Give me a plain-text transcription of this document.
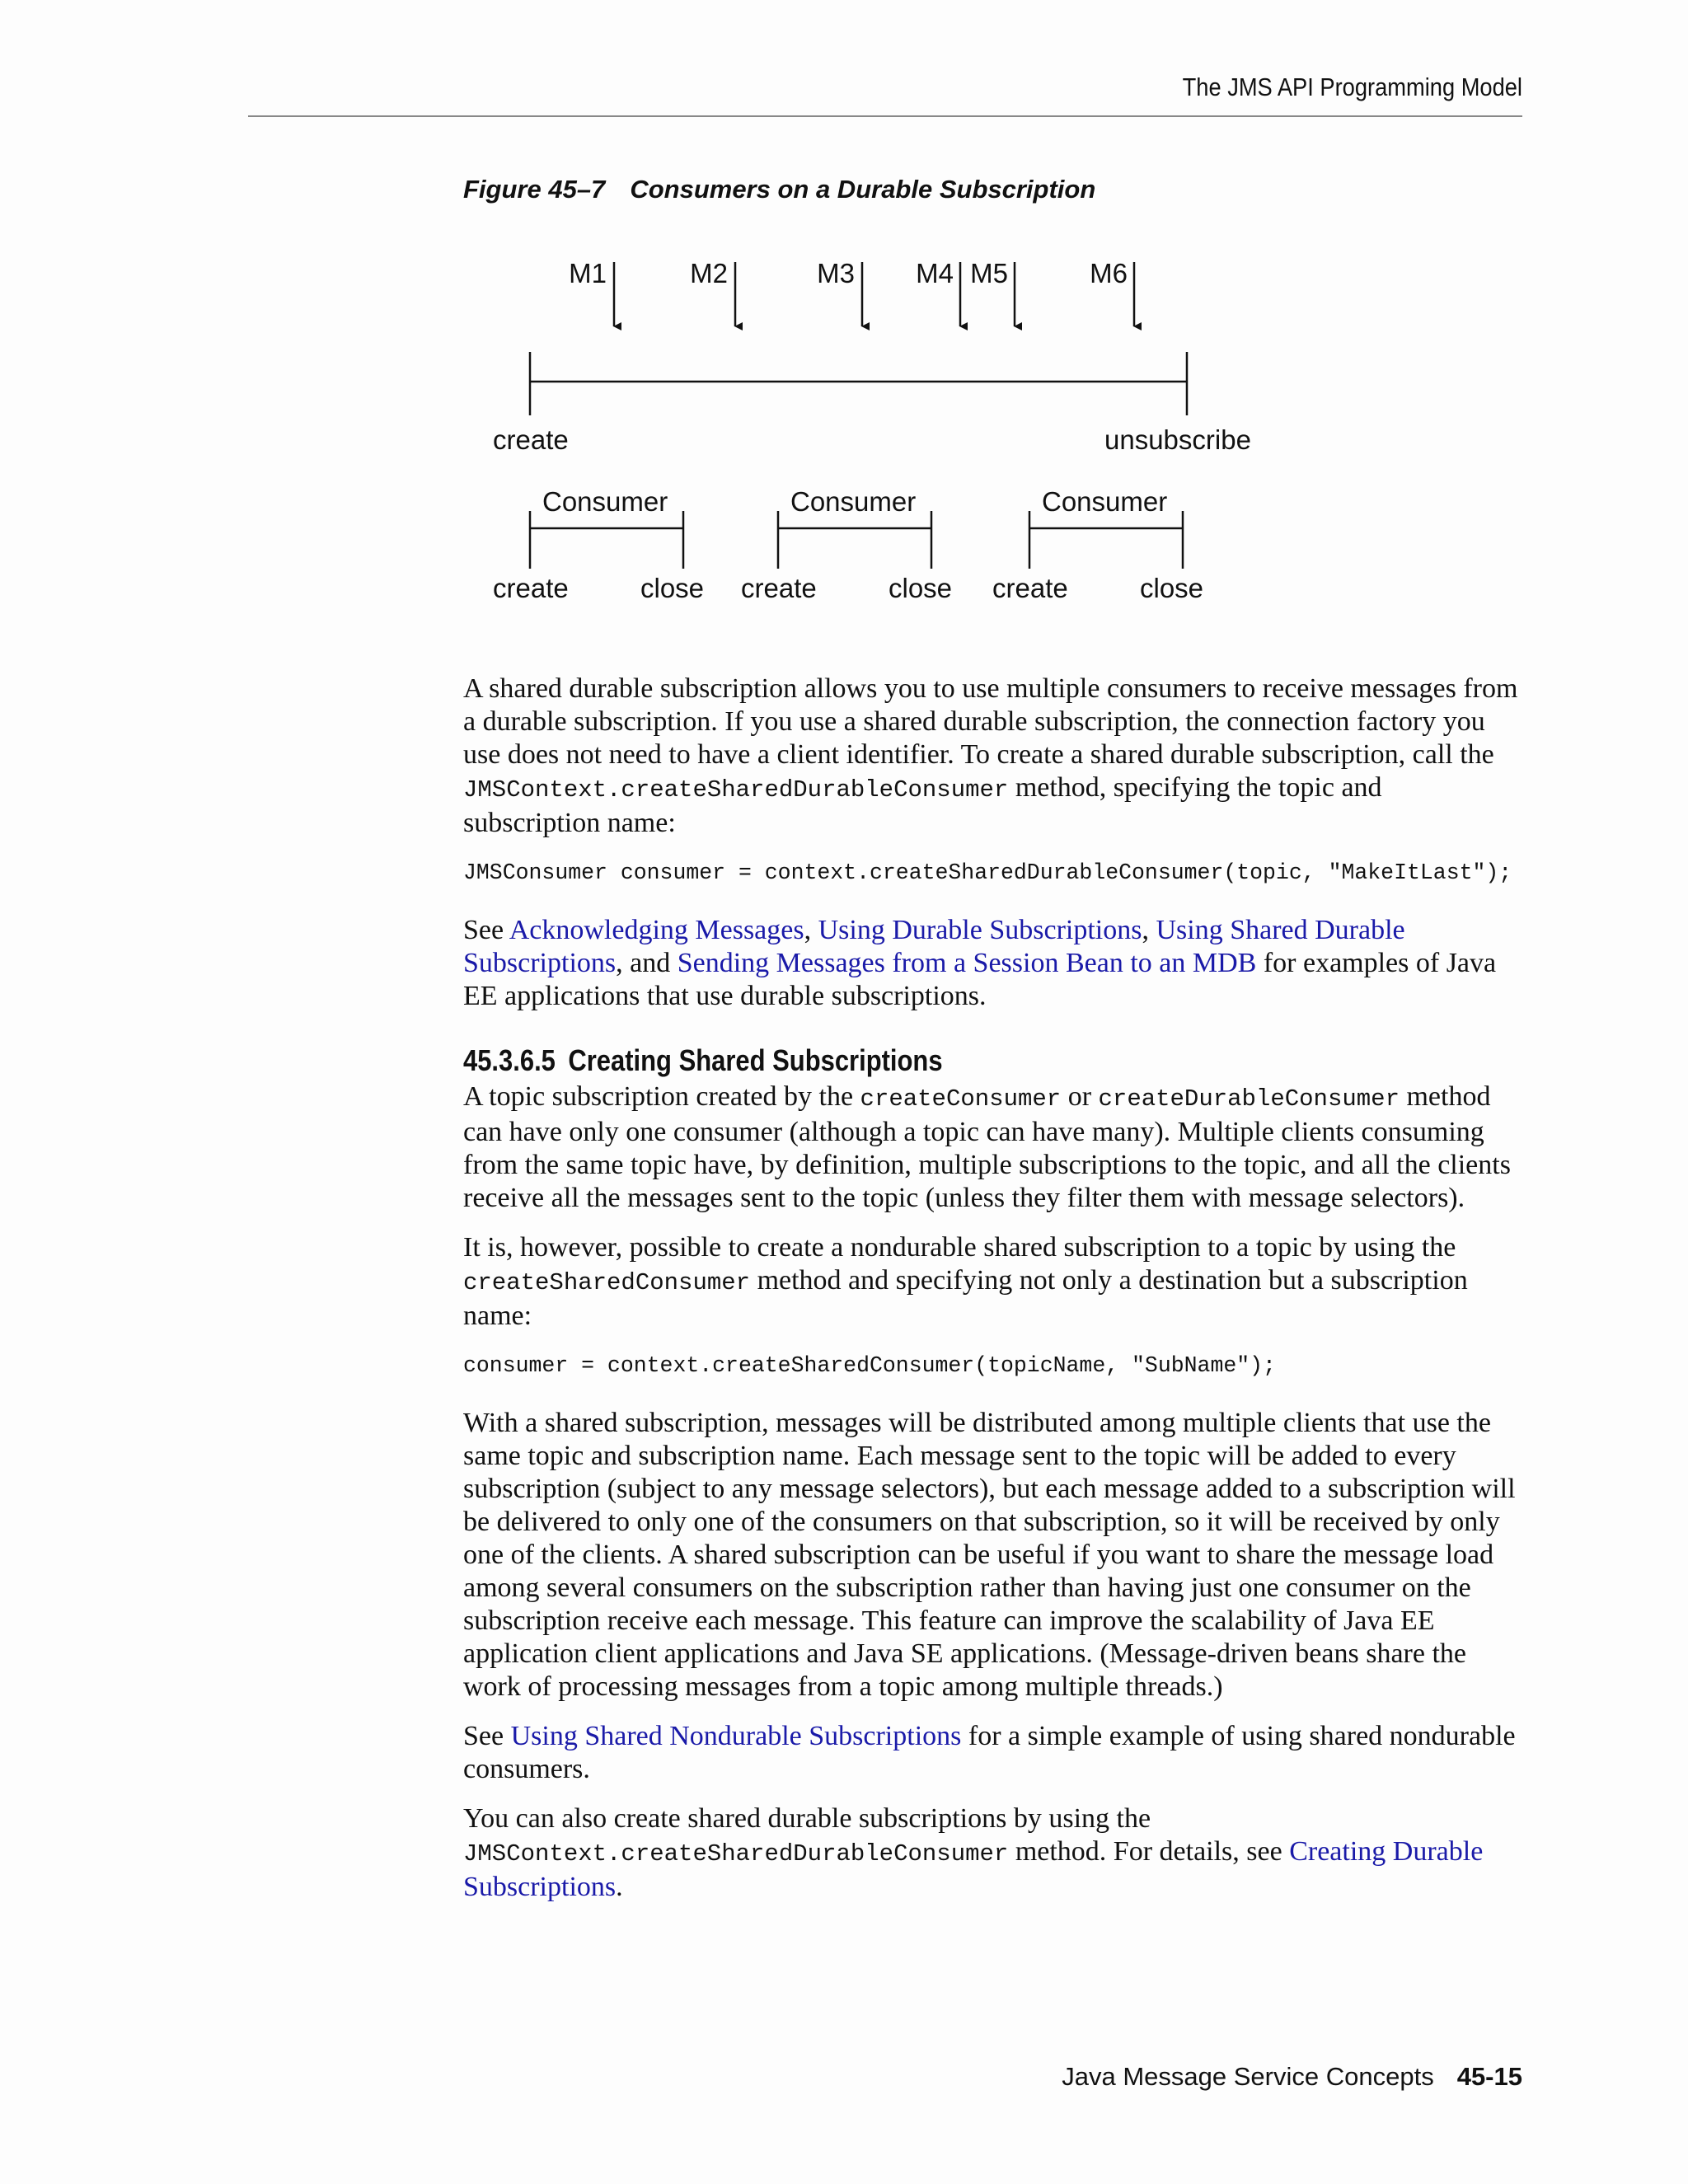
The JMS API Programming Model
Figure 45–7 Consumers on a Durable Subscription
M1	M2	M3 M4 M5	M6
create	unsubscribe
Consumer
create	close
Consumer
create	close
Consumer
create	close

A shared durable subscription allows you to use multiple consumers to receive messages from a durable subscription. If you use a shared durable subscription, the connection factory you use does not need to have a client identifier. To create a shared durable subscription, call the JMSContext.createSharedDurableConsumer method, specifying the topic and subscription name:

JMSConsumer consumer = context.createSharedDurableConsumer(topic, "MakeItLast");

See Acknowledging Messages, Using Durable Subscriptions, Using Shared Durable Subscriptions, and Sending Messages from a Session Bean to an MDB for examples of Java EE applications that use durable subscriptions.

45.3.6.5 Creating Shared Subscriptions

A topic subscription created by the createConsumer or createDurableConsumer method can have only one consumer (although a topic can have many). Multiple clients consuming from the same topic have, by definition, multiple subscriptions to the topic, and all the clients receive all the messages sent to the topic (unless they filter them with message selectors).

It is, however, possible to create a nondurable shared subscription to a topic by using the createSharedConsumer method and specifying not only a destination but a subscription name:

consumer = context.createSharedConsumer(topicName, "SubName");

With a shared subscription, messages will be distributed among multiple clients that use the same topic and subscription name. Each message sent to the topic will be added to every subscription (subject to any message selectors), but each message added to a subscription will be delivered to only one of the consumers on that subscription, so it will be received by only one of the clients. A shared subscription can be useful if you want to share the message load among several consumers on the subscription rather than having just one consumer on the subscription receive each message. This feature can improve the scalability of Java EE application client applications and Java SE applications. (Message-driven beans share the work of processing messages from a topic among multiple threads.)

See Using Shared Nondurable Subscriptions for a simple example of using shared nondurable consumers.

You can also create shared durable subscriptions by using the JMSContext.createSharedDurableConsumer method. For details, see Creating Durable Subscriptions.

Java Message Service Concepts 45-15
